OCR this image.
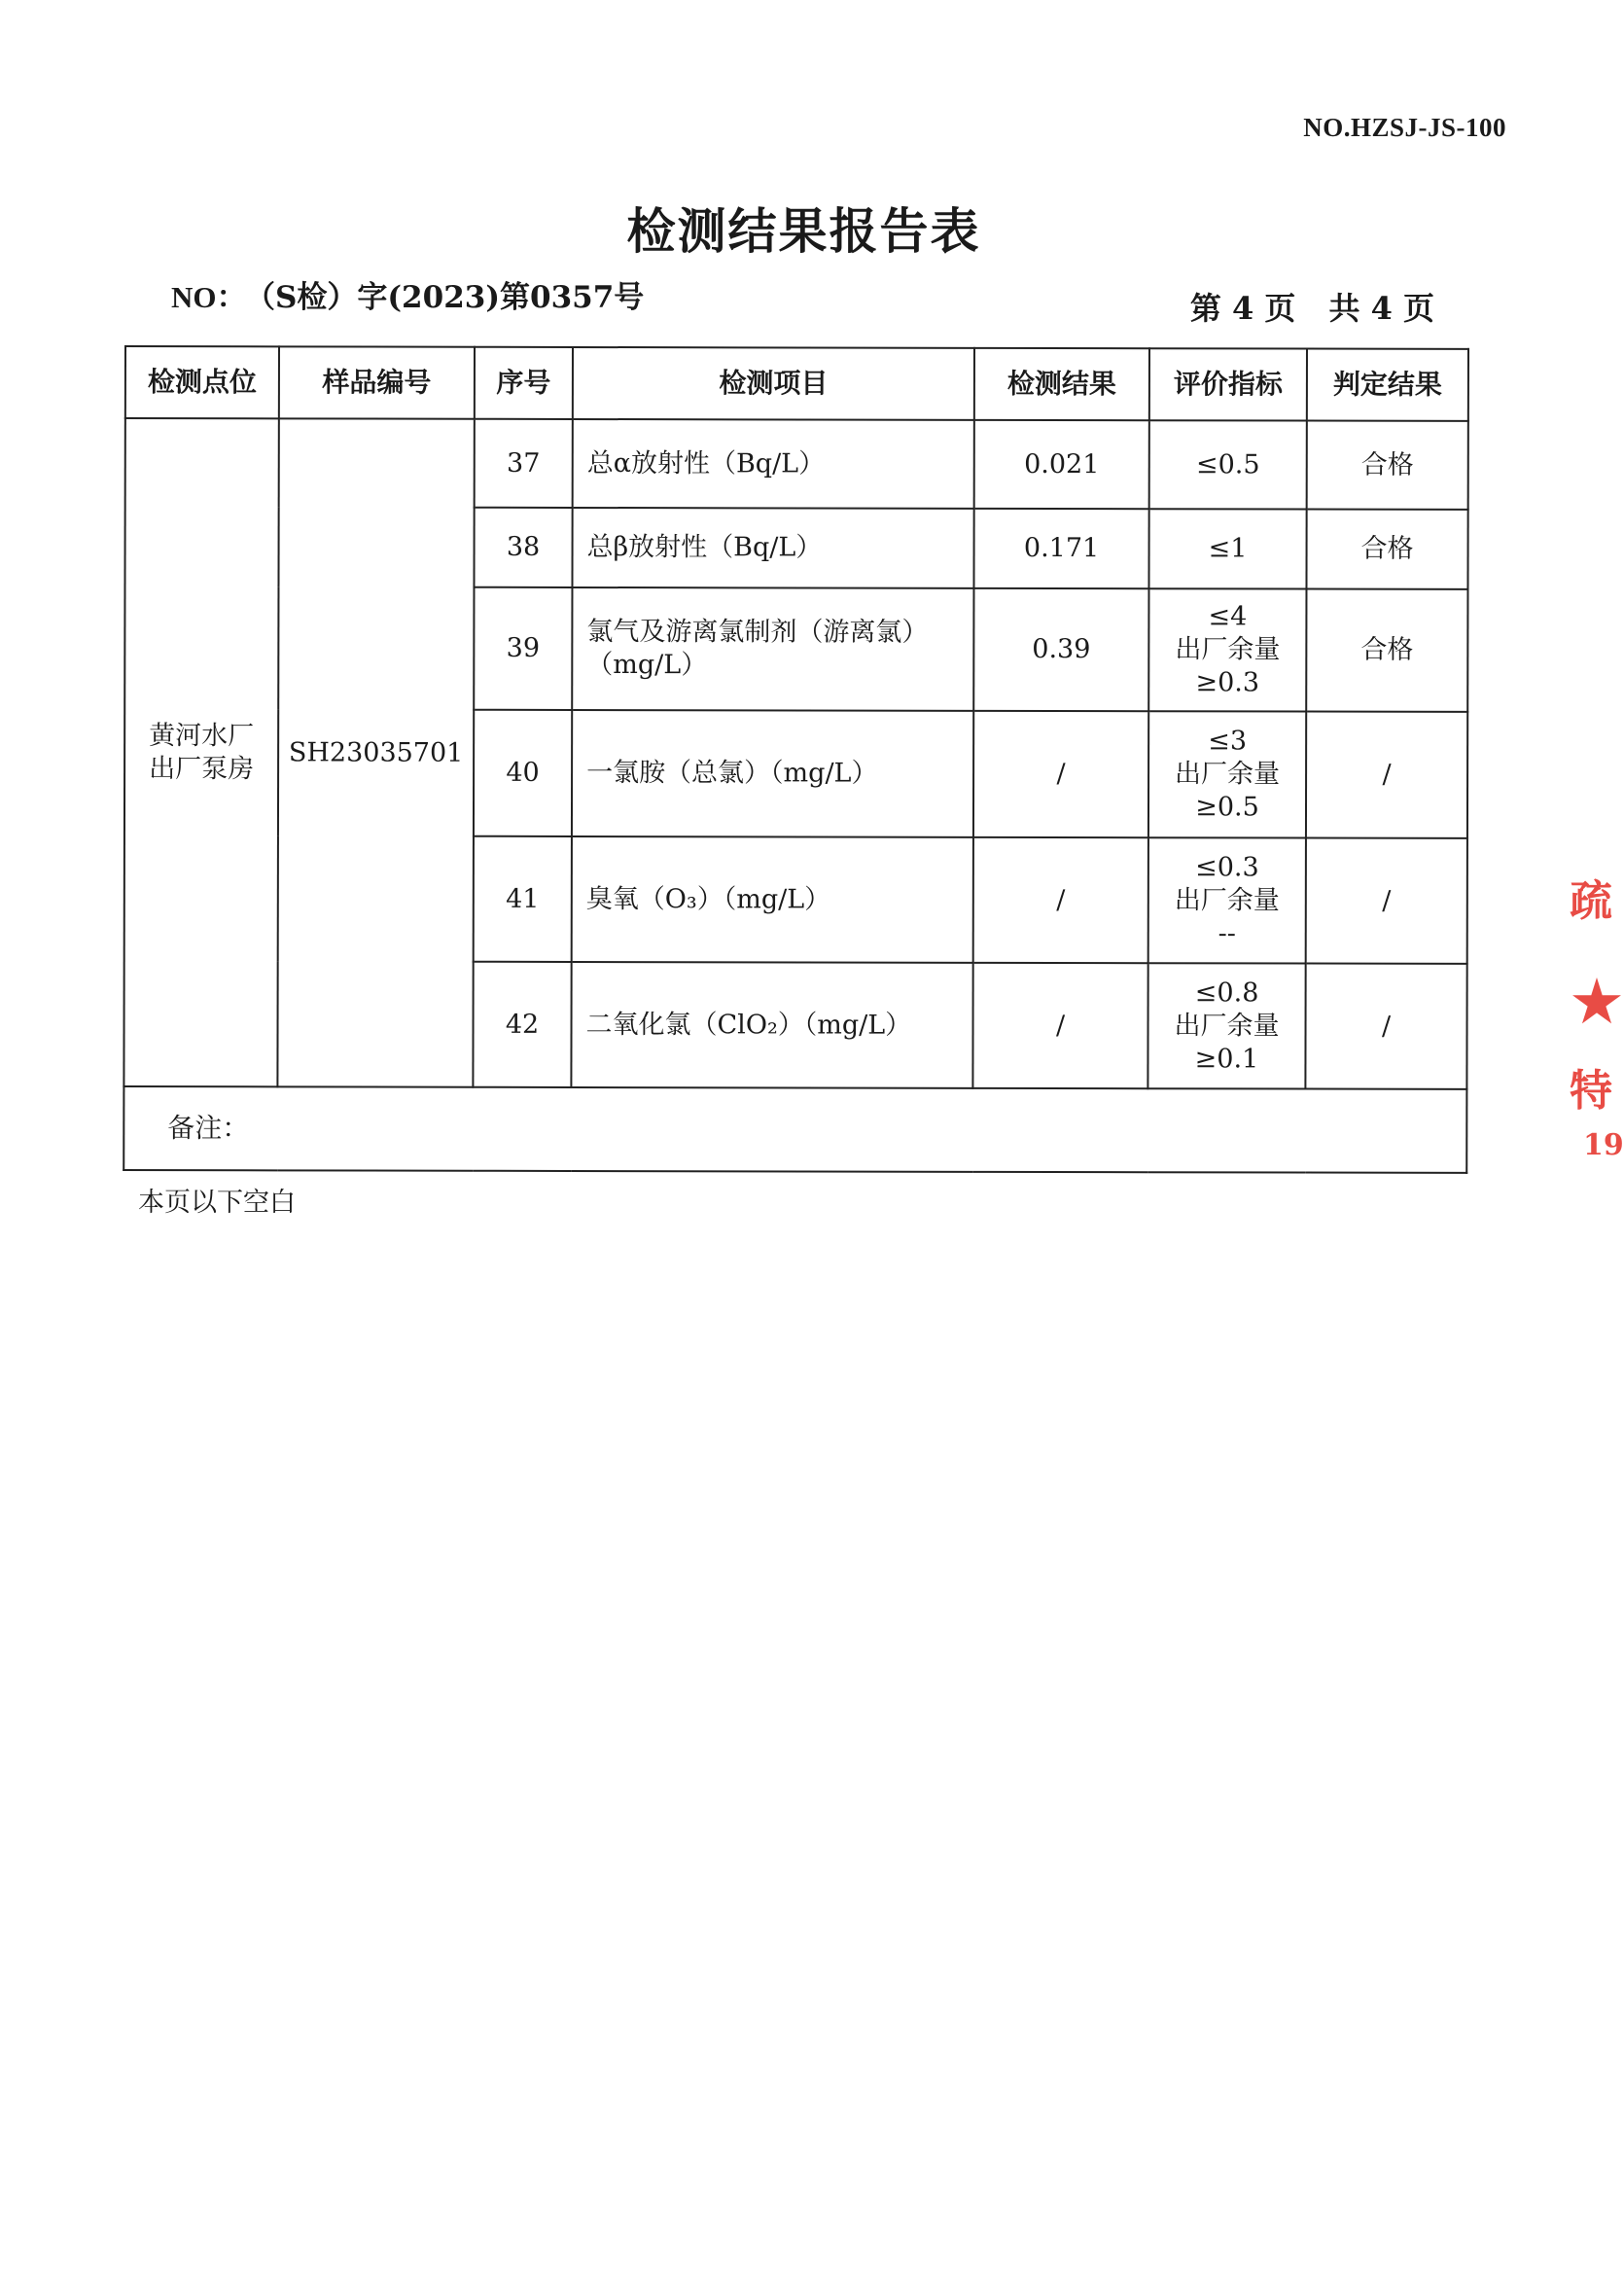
NO.HZSJ-JS-100
检测结果报告表
NO： （S检）字(2023)第0357号	第 4 页 共 4 页
检测点位	样品编号	序号	检测项目	检测结果	评价指标	判定结果

黄河水厂
出厂泵房	SH23035701	37	总α放射性（Bq/L）	0.021	≤0.5	合格
		38	总β放射性（Bq/L）	0.171	≤1	合格
		39	氯气及游离氯制剂（游离氯）
（mg/L）	0.39	≤4
出厂余量
≥0.3	合格
		40	一氯胺（总氯）（mg/L）	/	≤3
出厂余量
≥0.5	/
		41	臭氧（O₃）（mg/L）	/	≤0.3
出厂余量
--	/
		42	二氧化氯（ClO₂）（mg/L）	/	≤0.8
出厂余量
≥0.1	/
备注：						
本页以下空白
疏
特
19
